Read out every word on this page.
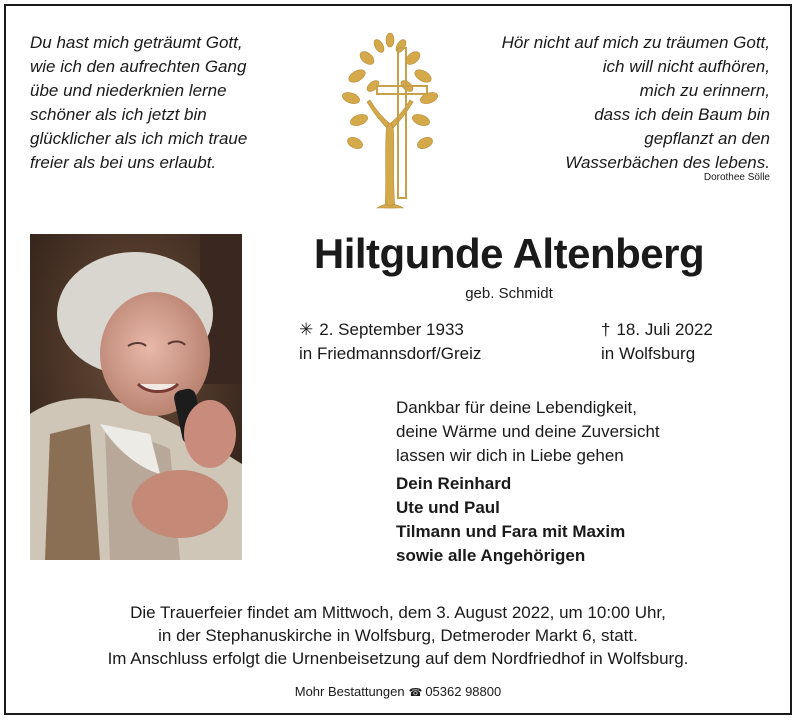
Du hast mich geträumt Gott,
wie ich den aufrechten Gang
übe und niederknien lerne
schöner als ich jetzt bin
glücklicher als ich mich traue
freier als bei uns erlaubt.
Hör nicht auf mich zu träumen Gott,
ich will nicht aufhören,
mich zu erinnern,
dass ich dein Baum bin
gepflanzt an den
Wasserbächen des lebens.
Dorothee Sölle
Hiltgunde Altenberg
geb. Schmidt
✳ 2. September 1933
in Friedmannsdorf/Greiz
† 18. Juli 2022
in Wolfsburg
Dankbar für deine Lebendigkeit,
deine Wärme und deine Zuversicht
lassen wir dich in Liebe gehen
Dein Reinhard
Ute und Paul
Tilmann und Fara mit Maxim
sowie alle Angehörigen
Die Trauerfeier findet am Mittwoch, dem 3. August 2022, um 10:00 Uhr,
in der Stephanuskirche in Wolfsburg, Detmeroder Markt 6, statt.
Im Anschluss erfolgt die Urnenbeisetzung auf dem Nordfriedhof in Wolfsburg.
Mohr Bestattungen ☎ 05362 98800
